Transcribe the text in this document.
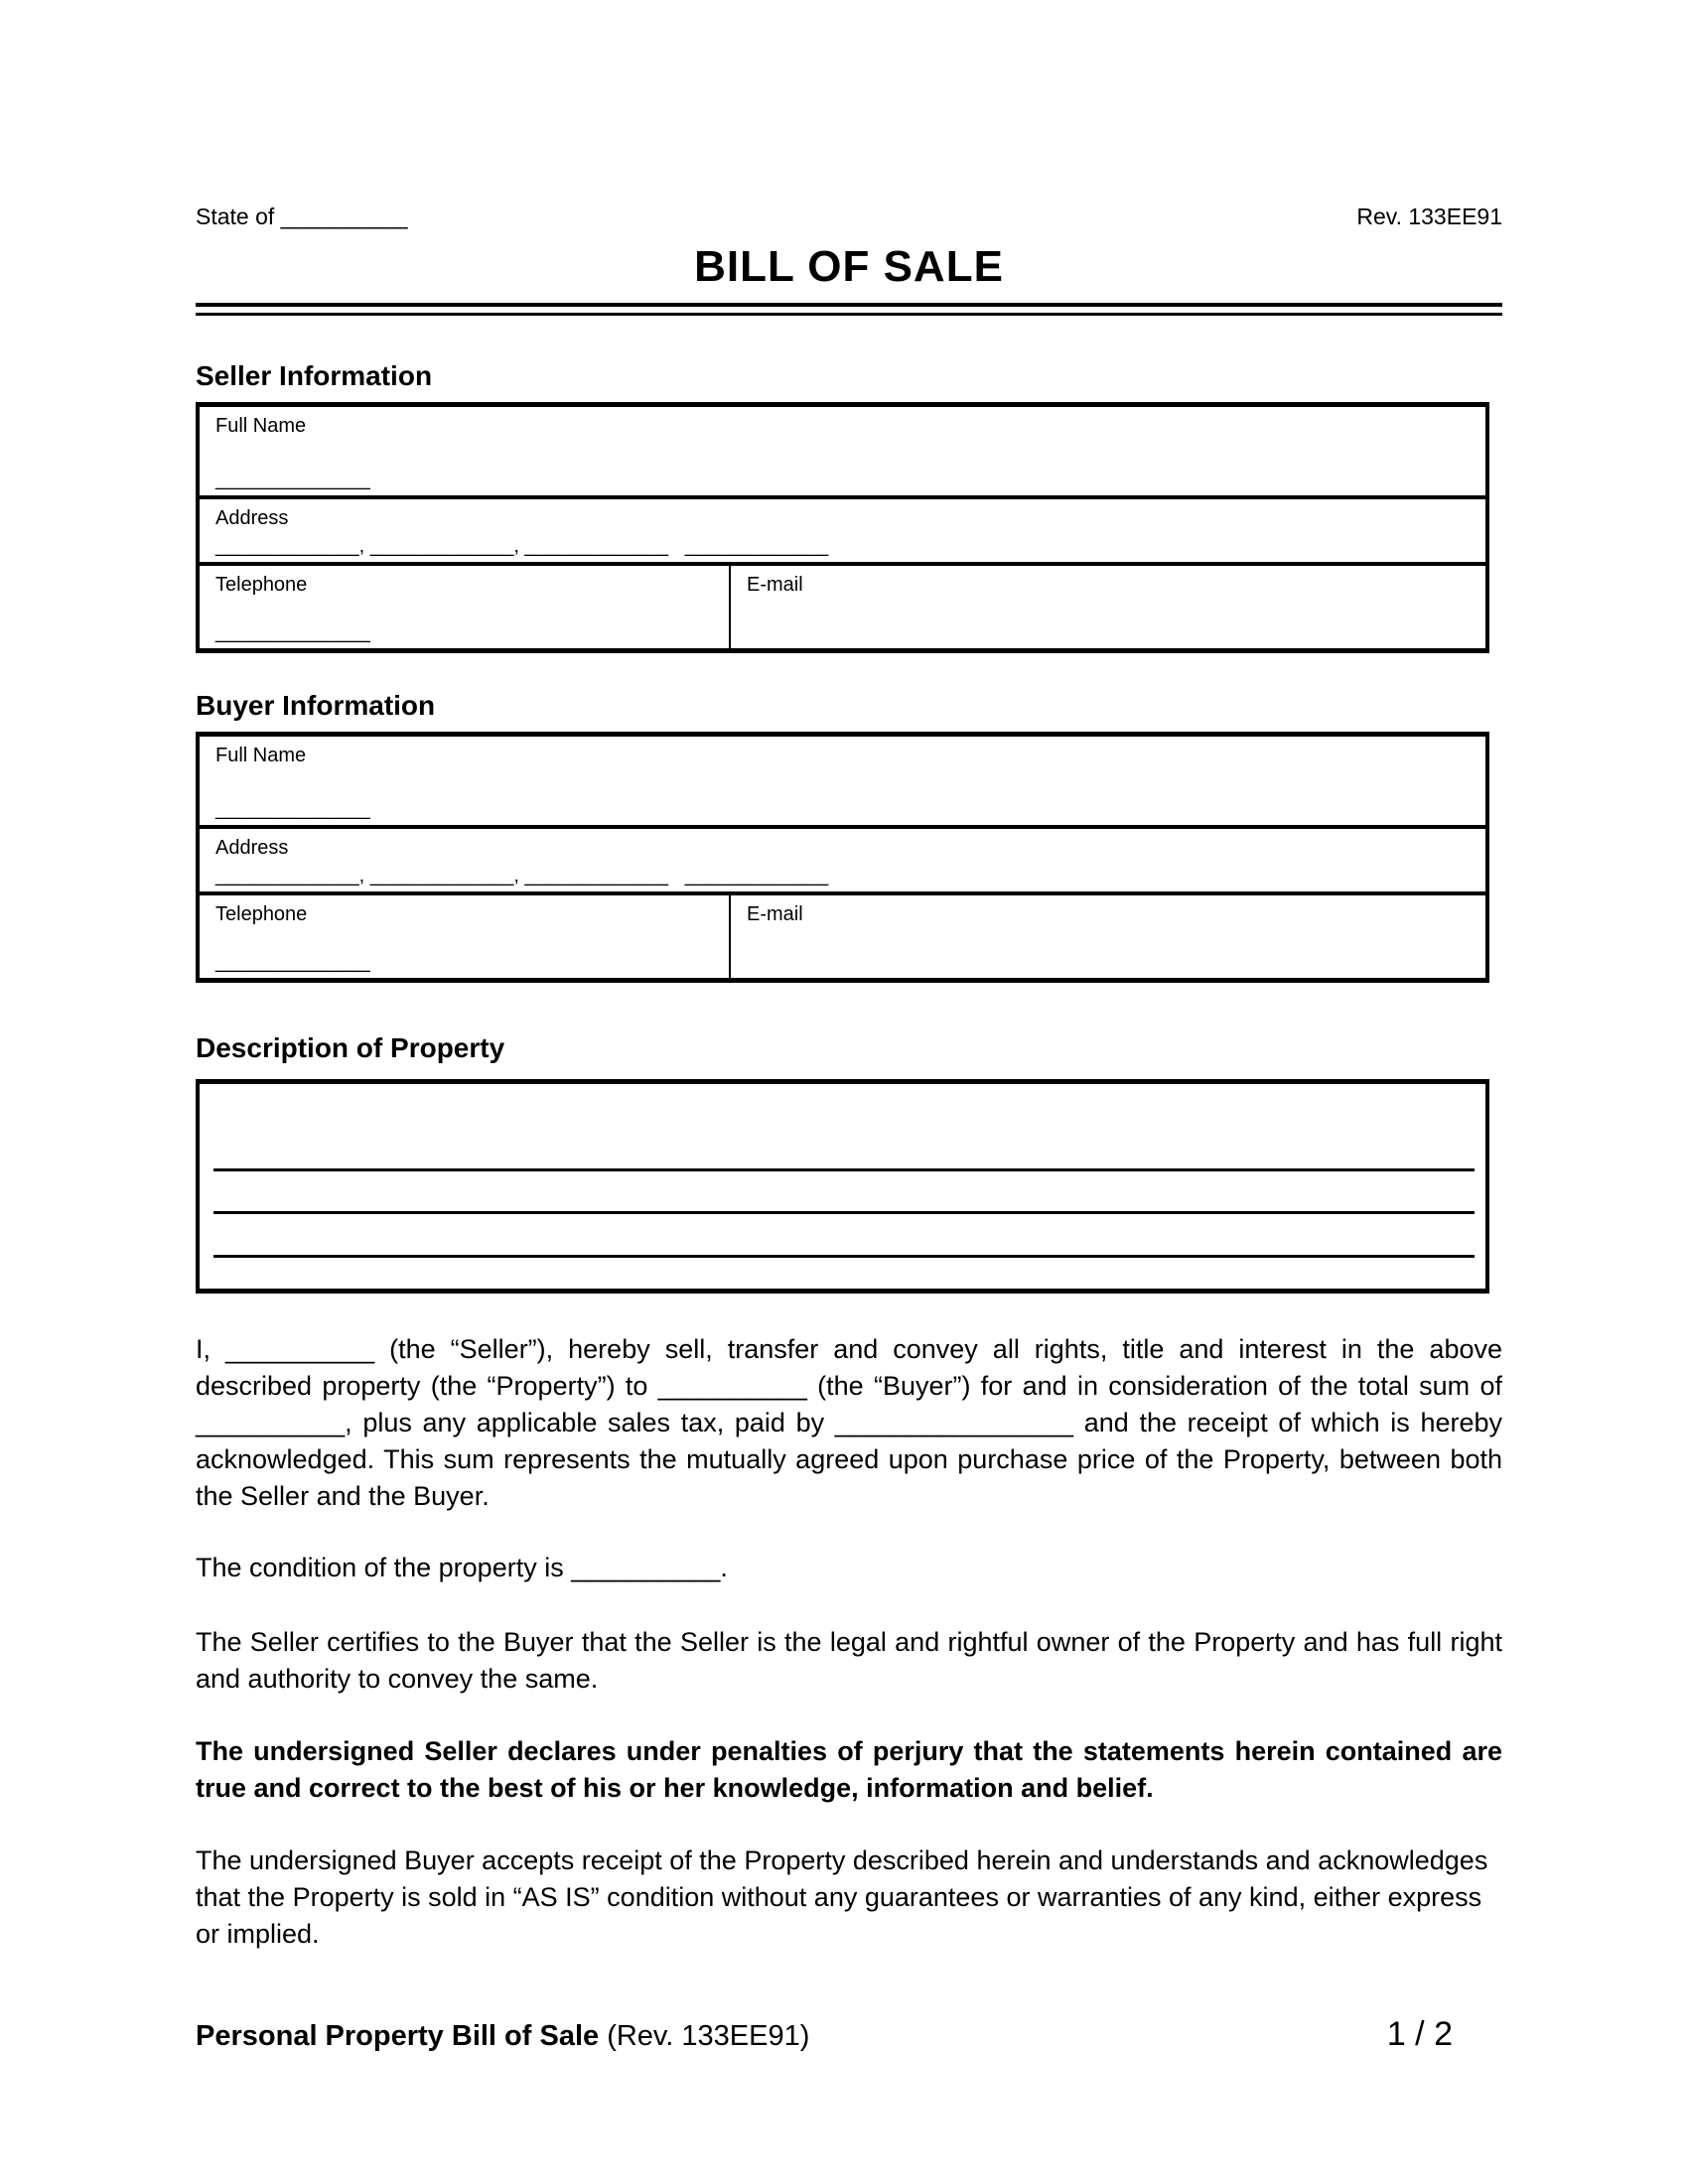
State of __________	Rev. 133EE91
BILL OF SALE
Seller Information
Full Name
______________
Address
_____________, _____________, _____________   _____________
Telephone
______________
E-mail
Buyer Information
Full Name
______________
Address
_____________, _____________, _____________   _____________
Telephone
______________
E-mail
Description of Property

I, __________ (the “Seller”), hereby sell, transfer and convey all rights, title and interest in the above described property (the “Property”) to __________ (the “Buyer”) for and in consideration of the total sum of __________, plus any applicable sales tax, paid by ________________ and the receipt of which is hereby acknowledged. This sum represents the mutually agreed upon purchase price of the Property, between both the Seller and the Buyer.

The condition of the property is __________.

The Seller certifies to the Buyer that the Seller is the legal and rightful owner of the Property and has full right and authority to convey the same.

The undersigned Seller declares under penalties of perjury that the statements herein contained are true and correct to the best of his or her knowledge, information and belief.

The undersigned Buyer accepts receipt of the Property described herein and understands and acknowledges that the Property is sold in “AS IS” condition without any guarantees or warranties of any kind, either express or implied.

Personal Property Bill of Sale (Rev. 133EE91)	1 / 2
